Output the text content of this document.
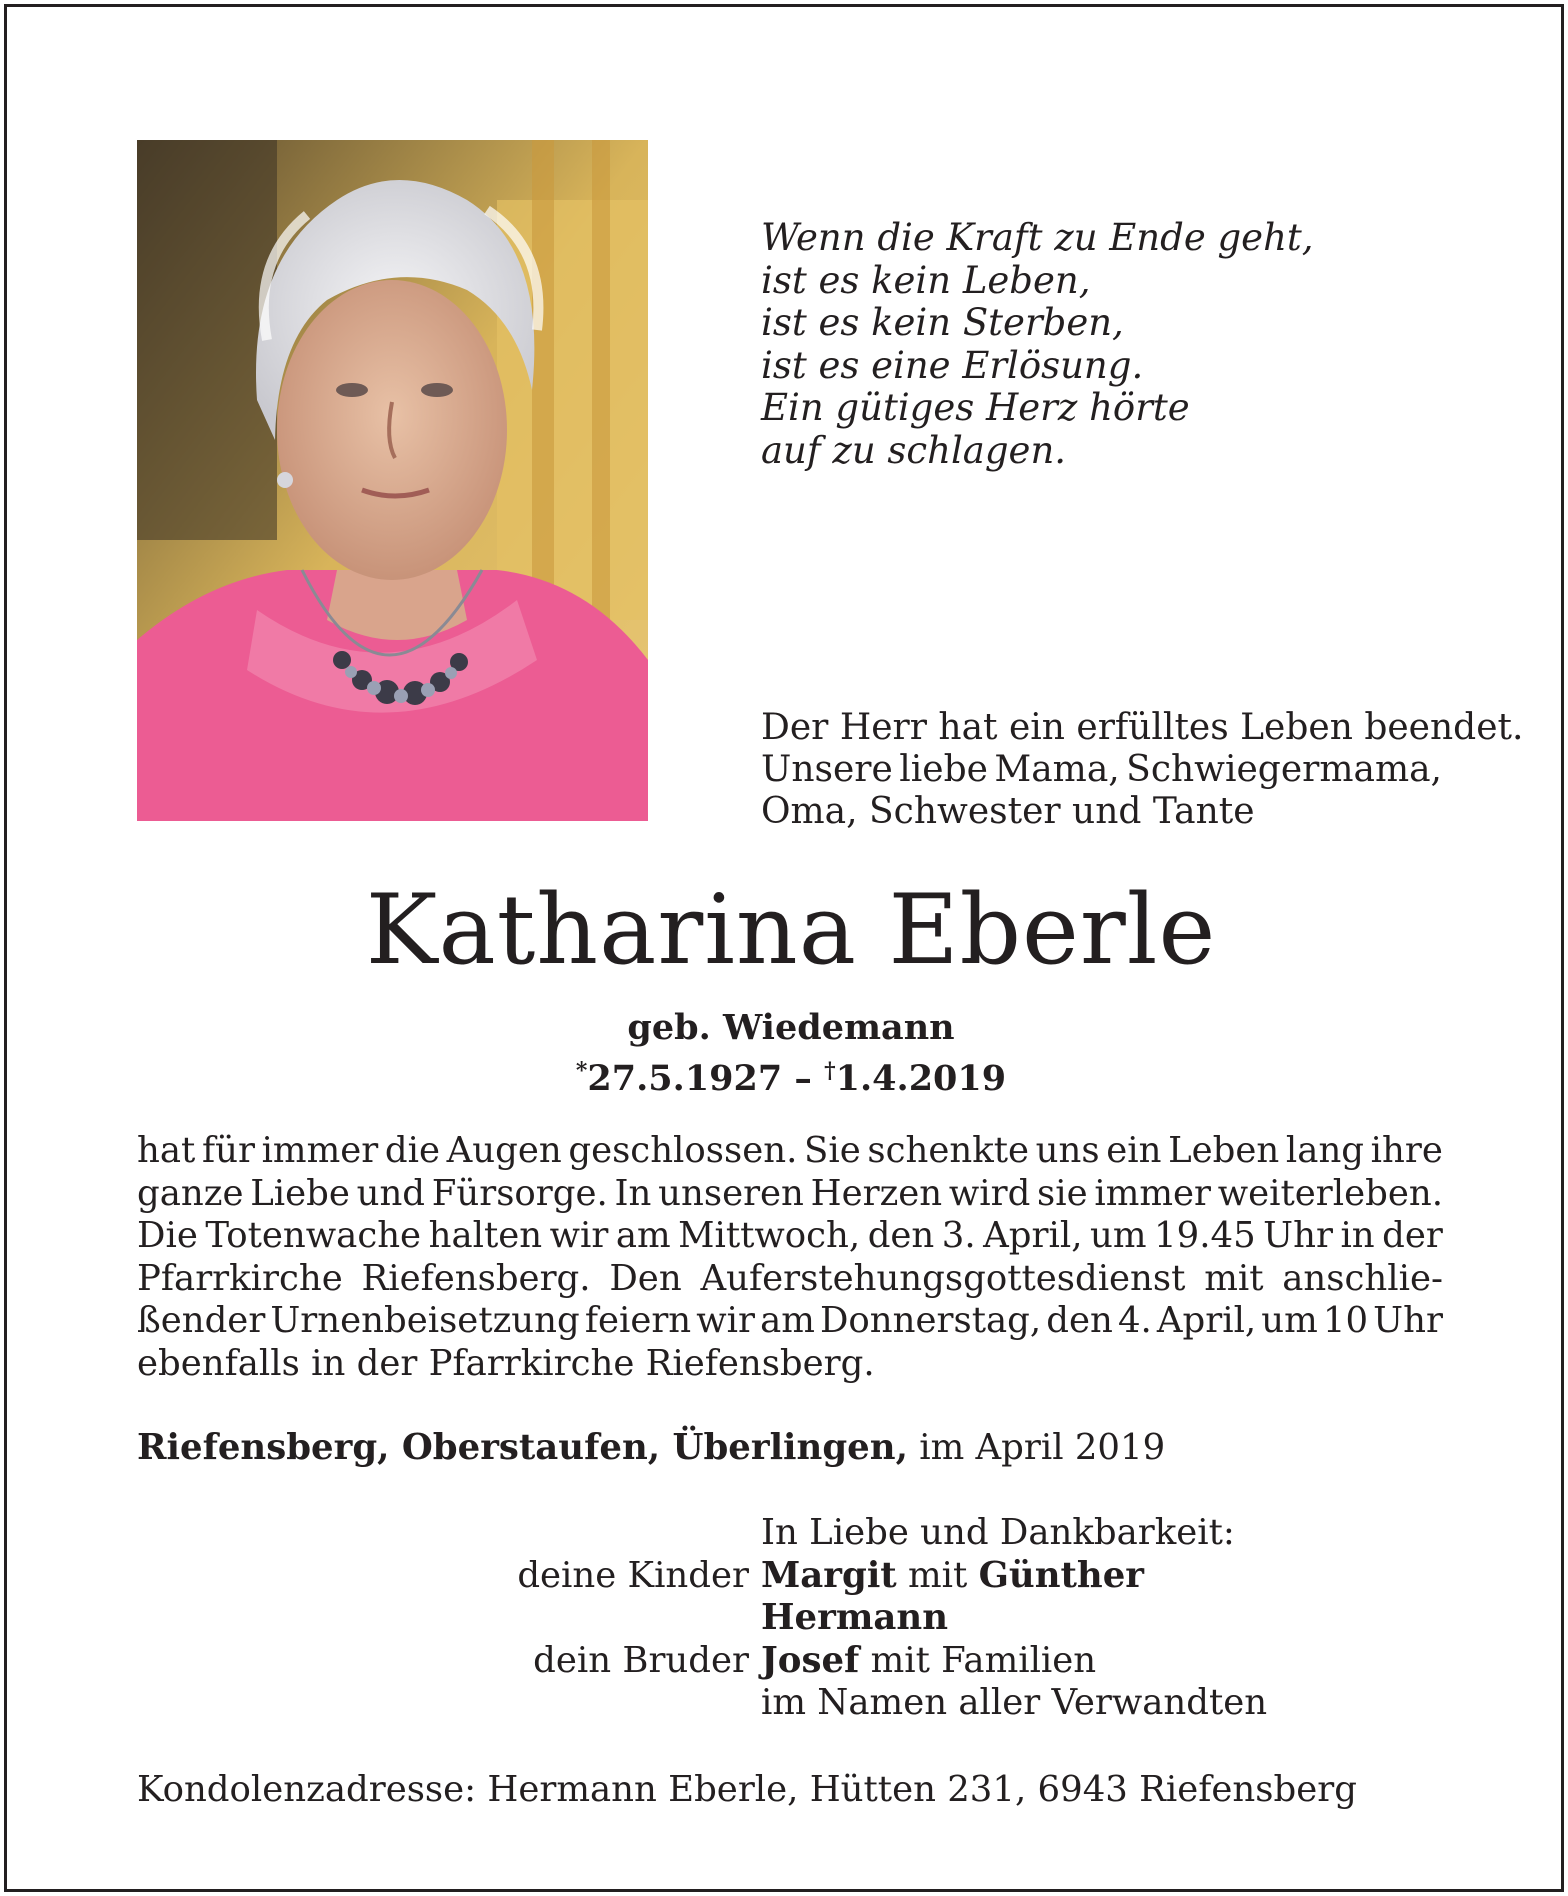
Wenn die Kraft zu Ende geht,
ist es kein Leben,
ist es kein Sterben,
ist es eine Erlösung.
Ein gütiges Herz hörte
auf zu schlagen.
Der Herr hat ein erfülltes Leben beendet.
Unsere liebe Mama, Schwiegermama,
Oma, Schwester und Tante
Katharina Eberle
geb. Wiedemann
*27.5.1927 – †1.4.2019
hat für immer die Augen geschlossen. Sie schenkte uns ein Leben lang ihre
ganze Liebe und Fürsorge. In unseren Herzen wird sie immer weiterleben.
Die Totenwache halten wir am Mittwoch, den 3. April, um 19.45 Uhr in der
Pfarrkirche Riefensberg. Den Auferstehungsgottesdienst mit anschlie-
ßender Urnenbeisetzung feiern wir am Donnerstag, den 4. April, um 10 Uhr
ebenfalls in der Pfarrkirche Riefensberg.
Riefensberg, Oberstaufen, Überlingen, im April 2019
In Liebe und Dankbarkeit:
deine Kinder Margit mit Günther
Hermann
dein Bruder Josef mit Familien
im Namen aller Verwandten
Kondolenzadresse: Hermann Eberle, Hütten 231, 6943 Riefensberg
